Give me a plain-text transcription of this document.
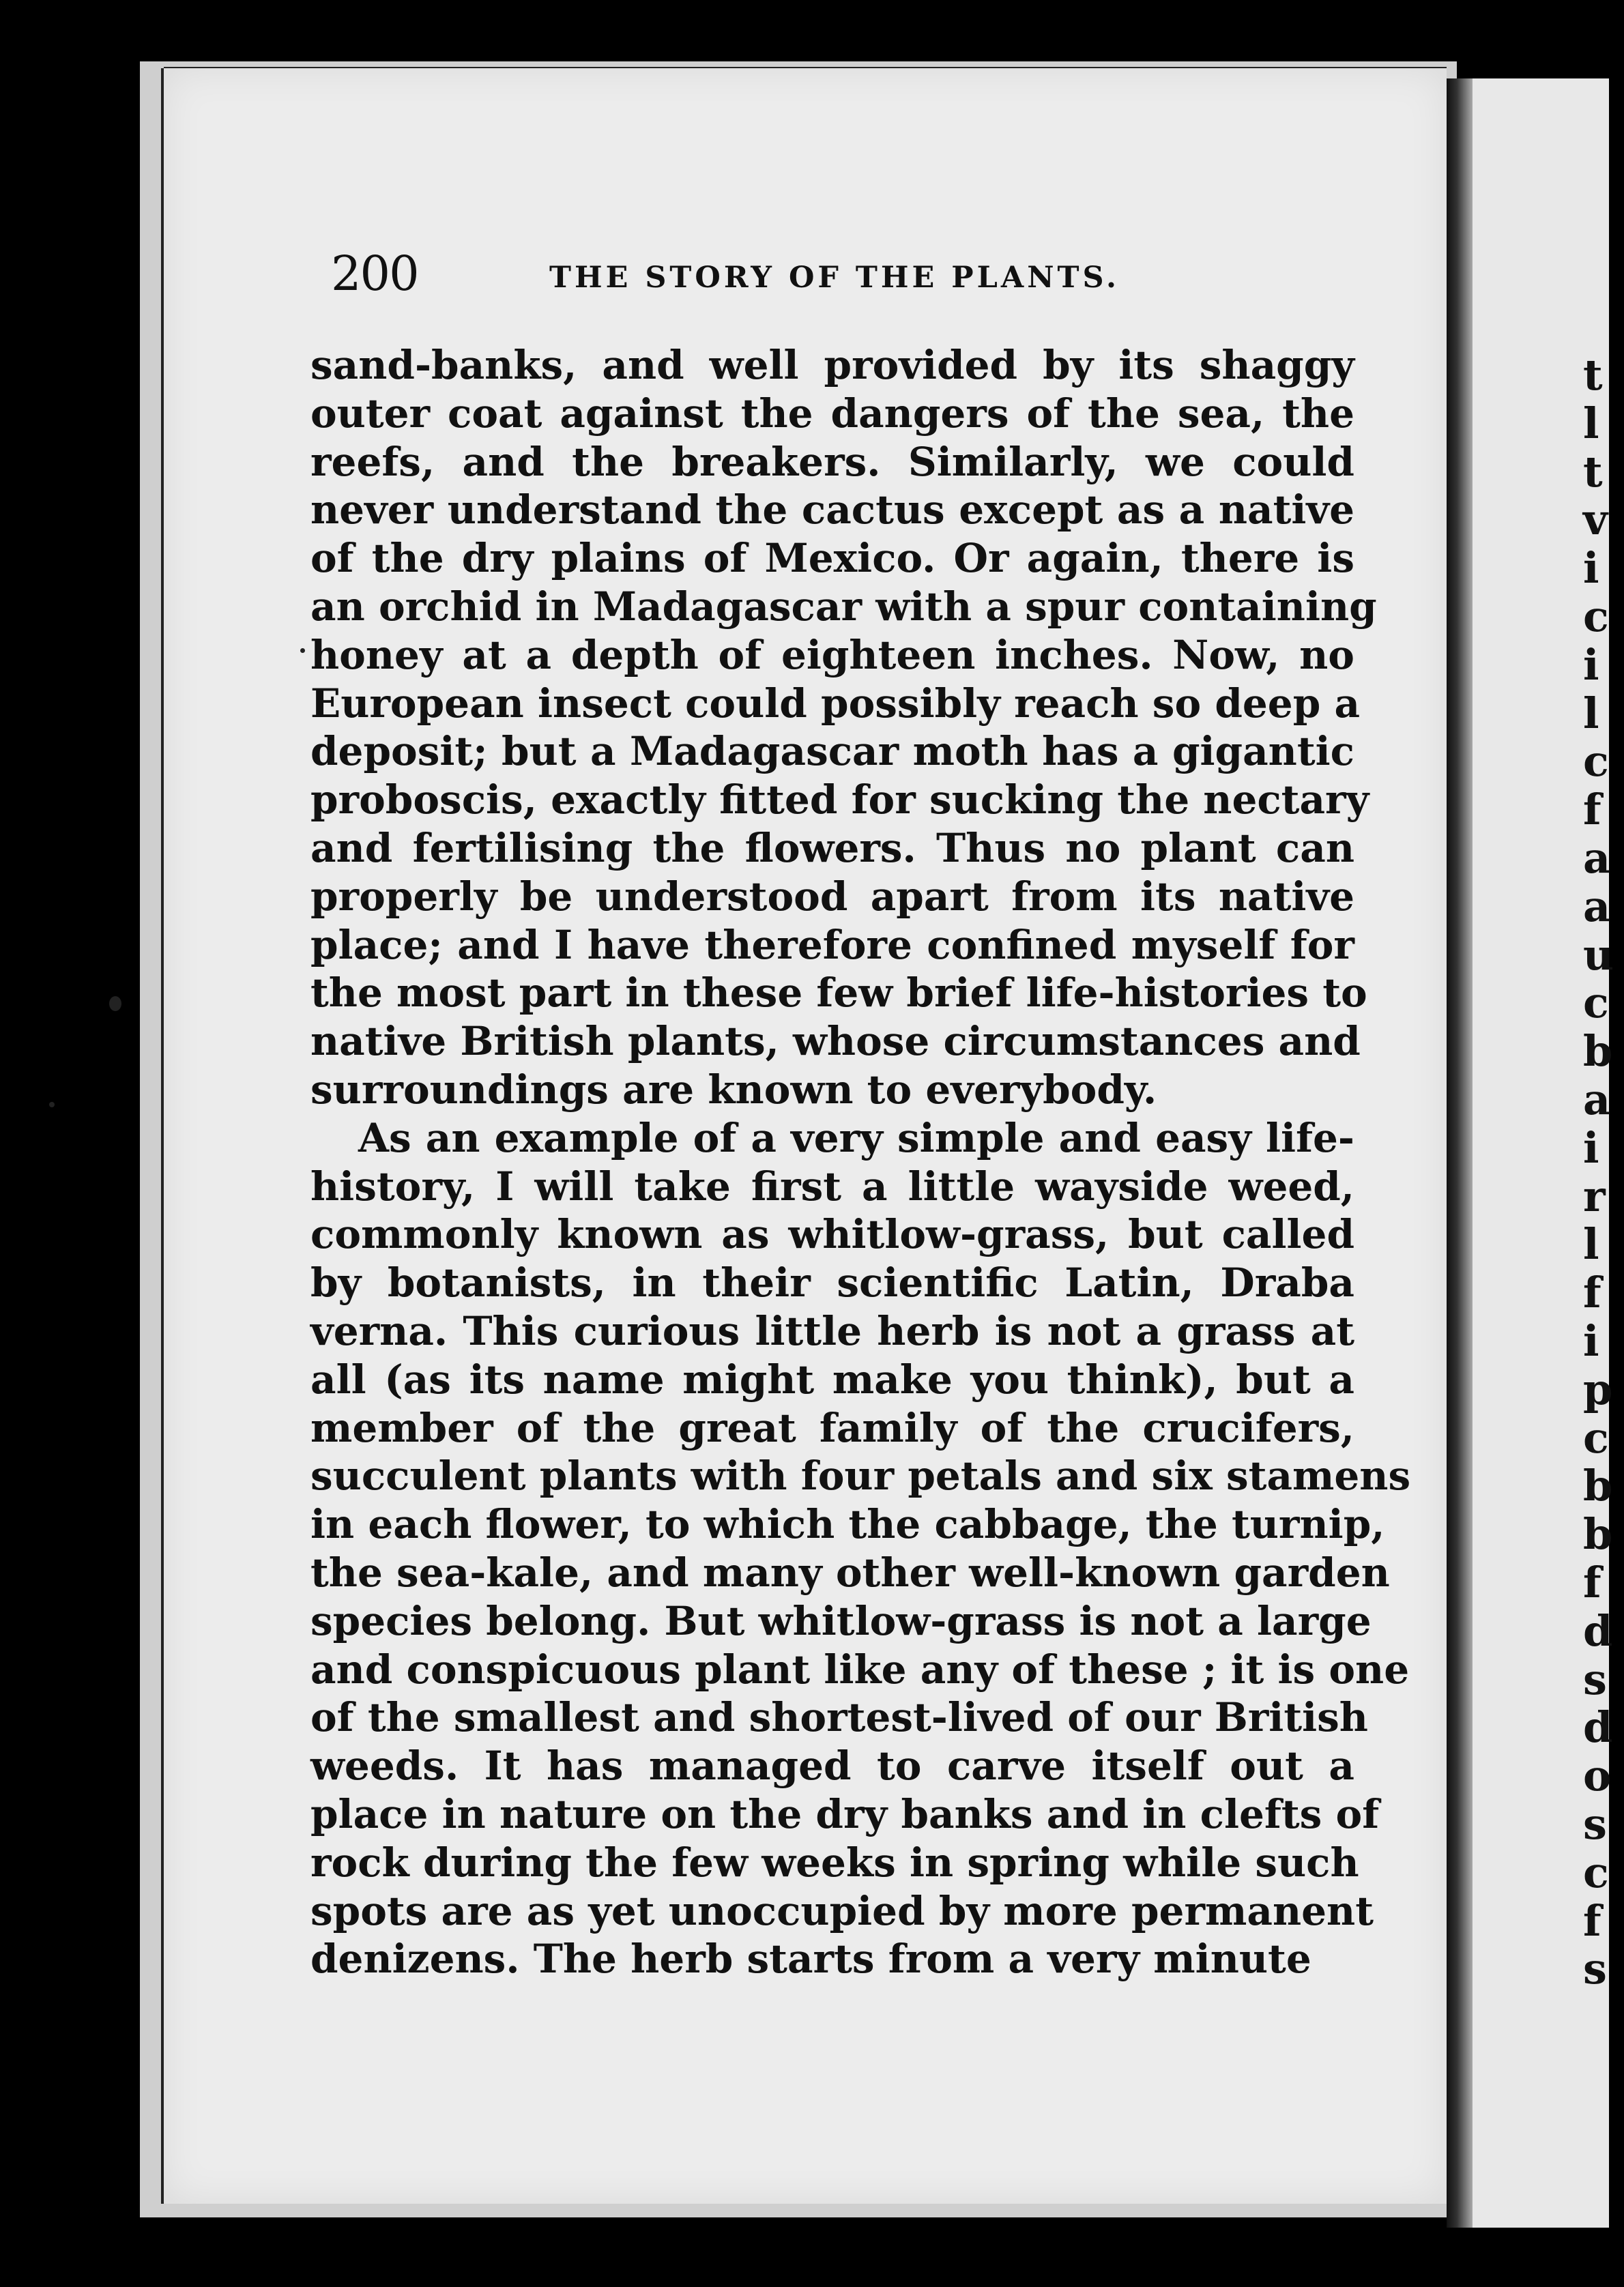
t
l
t
v
i
c
i
l
c
f
a
a
u
c
b
a
i
r
l
f
i
p
c
b
b
f
d
s
d
o
s
c
f
s
200	THE STORY OF THE PLANTS.
sand-banks, and well provided by its shaggy
outer coat against the dangers of the sea, the
reefs, and the breakers. Similarly, we could
never understand the cactus except as a native
of the dry plains of Mexico. Or again, there is
an orchid in Madagascar with a spur containing
honey at a depth of eighteen inches. Now, no
European insect could possibly reach so deep a
deposit; but a Madagascar moth has a gigantic
proboscis, exactly fitted for sucking the nectary
and fertilising the flowers. Thus no plant can
properly be understood apart from its native
place; and I have therefore confined myself for
the most part in these few brief life-histories to
native British plants, whose circumstances and
surroundings are known to everybody.
As an example of a very simple and easy life-
history, I will take first a little wayside weed,
commonly known as whitlow-grass, but called
by botanists, in their scientific Latin, Draba
verna. This curious little herb is not a grass at
all (as its name might make you think), but a
member of the great family of the crucifers,
succulent plants with four petals and six stamens
in each flower, to which the cabbage, the turnip,
the sea-kale, and many other well-known garden
species belong. But whitlow-grass is not a large
and conspicuous plant like any of these ; it is one
of the smallest and shortest-lived of our British
weeds. It has managed to carve itself out a
place in nature on the dry banks and in clefts of
rock during the few weeks in spring while such
spots are as yet unoccupied by more permanent
denizens. The herb starts from a very minute
